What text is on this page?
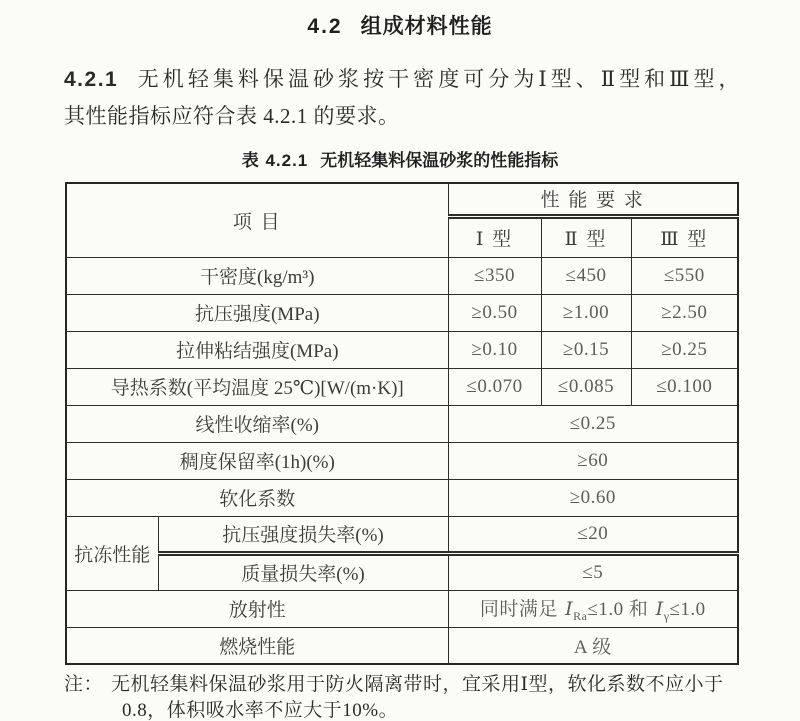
4.2 组成材料性能
4.2.1 无机轻集料保温砂浆按干密度可分为Ⅰ型、Ⅱ型和Ⅲ型，
其性能指标应符合表 4.2.1 的要求。
表 4.2.1 无机轻集料保温砂浆的性能指标
项 目		性 能 要 求		
		Ⅰ 型	Ⅱ 型	Ⅲ 型
干密度(kg/m³)		≤350	≤450	≤550
抗压强度(MPa)		≥0.50	≥1.00	≥2.50
拉伸粘结强度(MPa)		≥0.10	≥0.15	≥0.25
导热系数(平均温度 25℃)[W/(m·K)]		≤0.070	≤0.085	≤0.100
线性收缩率(%)		≤0.25		
稠度保留率(1h)(%)		≥60		
软化系数		≥0.60		
抗冻性能	抗压强度损失率(%)	≤20		
	质量损失率(%)	≤5		
放射性		同时满足 $I_{Ra}\le 1.0$ 和 $I_\gamma\le 1.0$		
燃烧性能		A 级		
注： 无机轻集料保温砂浆用于防火隔离带时，宜采用Ⅰ型，软化系数不应小于
0.8，体积吸水率不应大于10%。
